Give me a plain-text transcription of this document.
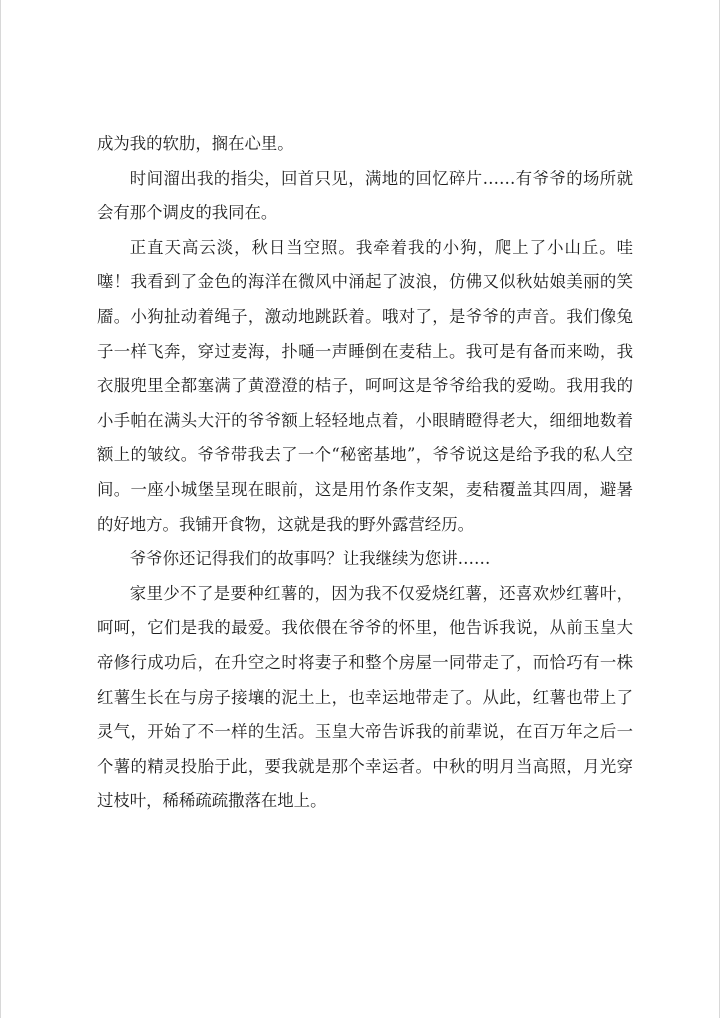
成为我的软肋，搁在心里。

时间溜出我的指尖，回首只见，满地的回忆碎片……有爷爷的场所就会有那个调皮的我同在。

正直天高云淡，秋日当空照。我牵着我的小狗，爬上了小山丘。哇噻！我看到了金色的海洋在微风中涌起了波浪，仿佛又似秋姑娘美丽的笑靥。小狗扯动着绳子，激动地跳跃着。哦对了，是爷爷的声音。我们像兔子一样飞奔，穿过麦海，扑嗵一声睡倒在麦秸上。我可是有备而来呦，我衣服兜里全都塞满了黄澄澄的桔子，呵呵这是爷爷给我的爱呦。我用我的小手帕在满头大汗的爷爷额上轻轻地点着，小眼睛瞪得老大，细细地数着额上的皱纹。爷爷带我去了一个“秘密基地”，爷爷说这是给予我的私人空间。一座小城堡呈现在眼前，这是用竹条作支架，麦秸覆盖其四周，避暑的好地方。我铺开食物，这就是我的野外露营经历。

爷爷你还记得我们的故事吗？让我继续为您讲……

家里少不了是要种红薯的，因为我不仅爱烧红薯，还喜欢炒红薯叶，呵呵，它们是我的最爱。我依偎在爷爷的怀里，他告诉我说，从前玉皇大帝修行成功后，在升空之时将妻子和整个房屋一同带走了，而恰巧有一株红薯生长在与房子接壤的泥土上，也幸运地带走了。从此，红薯也带上了灵气，开始了不一样的生活。玉皇大帝告诉我的前辈说，在百万年之后一个薯的精灵投胎于此，要我就是那个幸运者。中秋的明月当高照，月光穿过枝叶，稀稀疏疏撒落在地上。
